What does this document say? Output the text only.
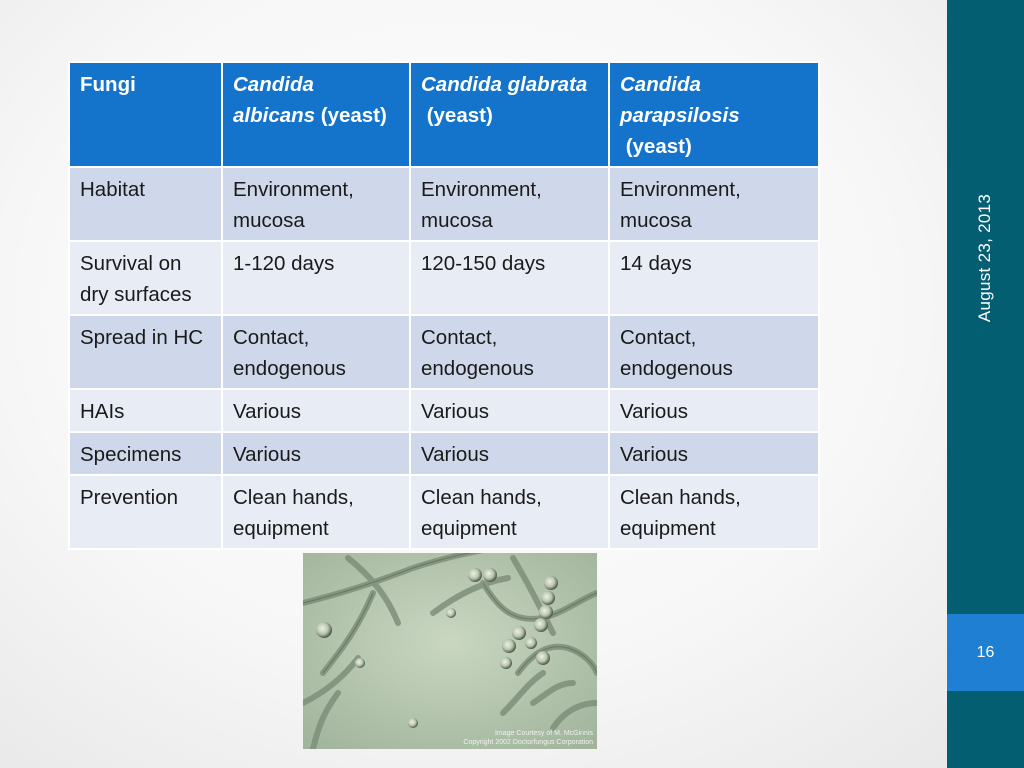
August 23, 2013
16
Fungi	Candida albicans (yeast)	Candida glabrata (yeast)	Candida parapsilosis (yeast)
Habitat	Environment, mucosa	Environment, mucosa	Environment, mucosa
Survival on dry surfaces	1-120 days	120-150 days	14 days
Spread in HC	Contact, endogenous	Contact, endogenous	Contact, endogenous
HAIs	Various	Various	Various
Specimens	Various	Various	Various
Prevention	Clean hands, equipment	Clean hands, equipment	Clean hands, equipment
Image Courtesy of M. McGinnis
Copyright 2002 Doctorfungus Corporation
